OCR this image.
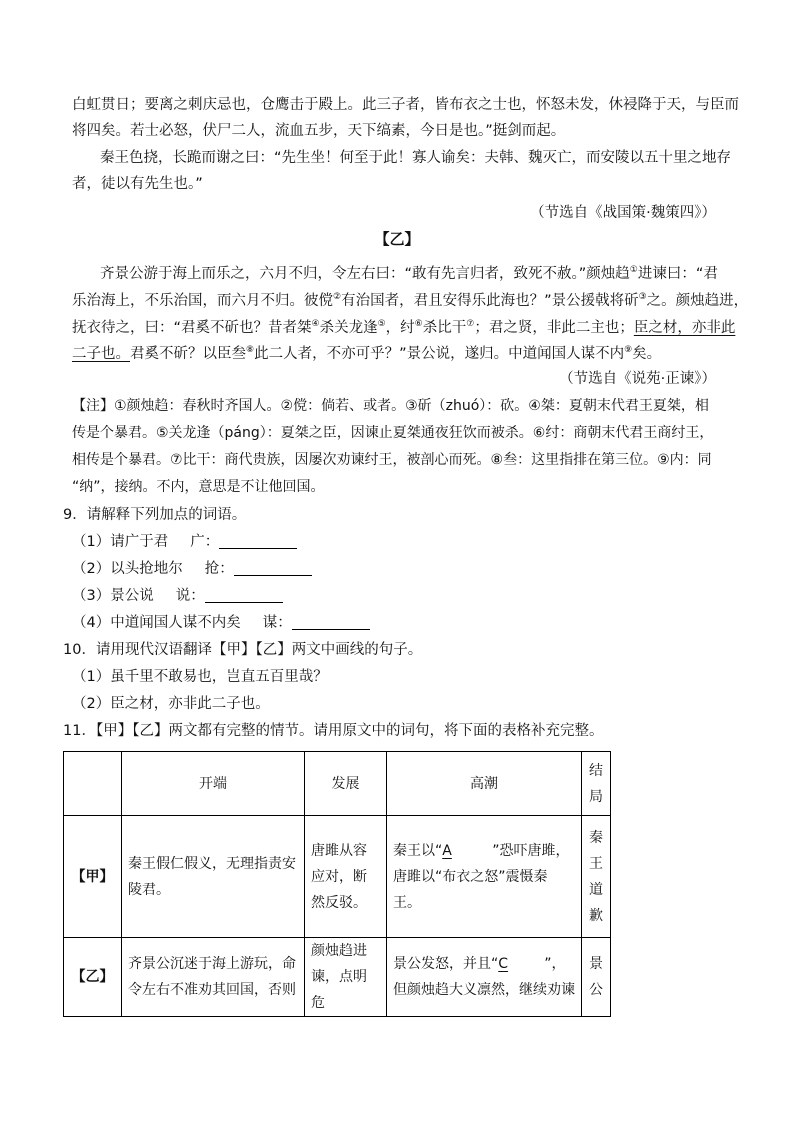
白虹贯日；要离之刺庆忌也，仓鹰击于殿上。此三子者，皆布衣之士也，怀怒未发，休祲降于天，与臣而
将四矣。若士必怒，伏尸二人，流血五步，天下缟素，今日是也。”挺剑而起。
秦王色挠，长跪而谢之曰：“先生坐！何至于此！寡人谕矣：夫韩、魏灭亡，而安陵以五十里之地存
者，徒以有先生也。”
（节选自《战国策·魏策四》）
【乙】
齐景公游于海上而乐之，六月不归，令左右曰：“敢有先言归者，致死不赦。”颜烛趋①进谏曰：“君
乐治海上，不乐治国，而六月不归。彼傥②有治国者，君且安得乐此海也？”景公援戟将斫③之。颜烛趋进，
抚衣待之，曰：“君奚不斫也？昔者桀④杀关龙逢⑤，纣⑥杀比干⑦；君之贤，非此二主也；臣之材，亦非此
二子也。君奚不斫？以臣叁⑧此二人者，不亦可乎？”景公说，遂归。中道闻国人谋不内⑨矣。
（节选自《说苑·正谏》）
【注】①颜烛趋：春秋时齐国人。②傥：倘若、或者。③斫（zhuó）：砍。④桀：夏朝末代君王夏桀，相
传是个暴君。⑤关龙逢（páng）：夏桀之臣，因谏止夏桀通夜狂饮而被杀。⑥纣：商朝末代君王商纣王，
相传是个暴君。⑦比干：商代贵族，因屡次劝谏纣王，被剖心而死。⑧叁：这里指排在第三位。⑨内：同
“纳”，接纳。不内，意思是不让他回国。
9．请解释下列加点的词语。
（1）请广于君 广：
（2）以头抢地尔 抢：
（3）景公说 说：
（4）中道闻国人谋不内矣 谋：
10．请用现代汉语翻译【甲】【乙】两文中画线的句子。
（1）虽千里不敢易也，岂直五百里哉？
（2）臣之材，亦非此二子也。
11．【甲】【乙】两文都有完整的情节。请用原文中的词句，将下面的表格补充完整。
	开端	发展	高潮	结局
【甲】	秦王假仁假义，无理指责安陵君。	唐雎从容应对，断然反驳。	秦王以“A ”恐吓唐雎，唐雎以“布衣之怒”震慑秦王。	秦王道歉
【乙】	齐景公沉迷于海上游玩，命令左右不准劝其回国，否则	颜烛趋进谏，点明危	景公发怒，并且“C ”，但颜烛趋大义凛然，继续劝谏	景公
